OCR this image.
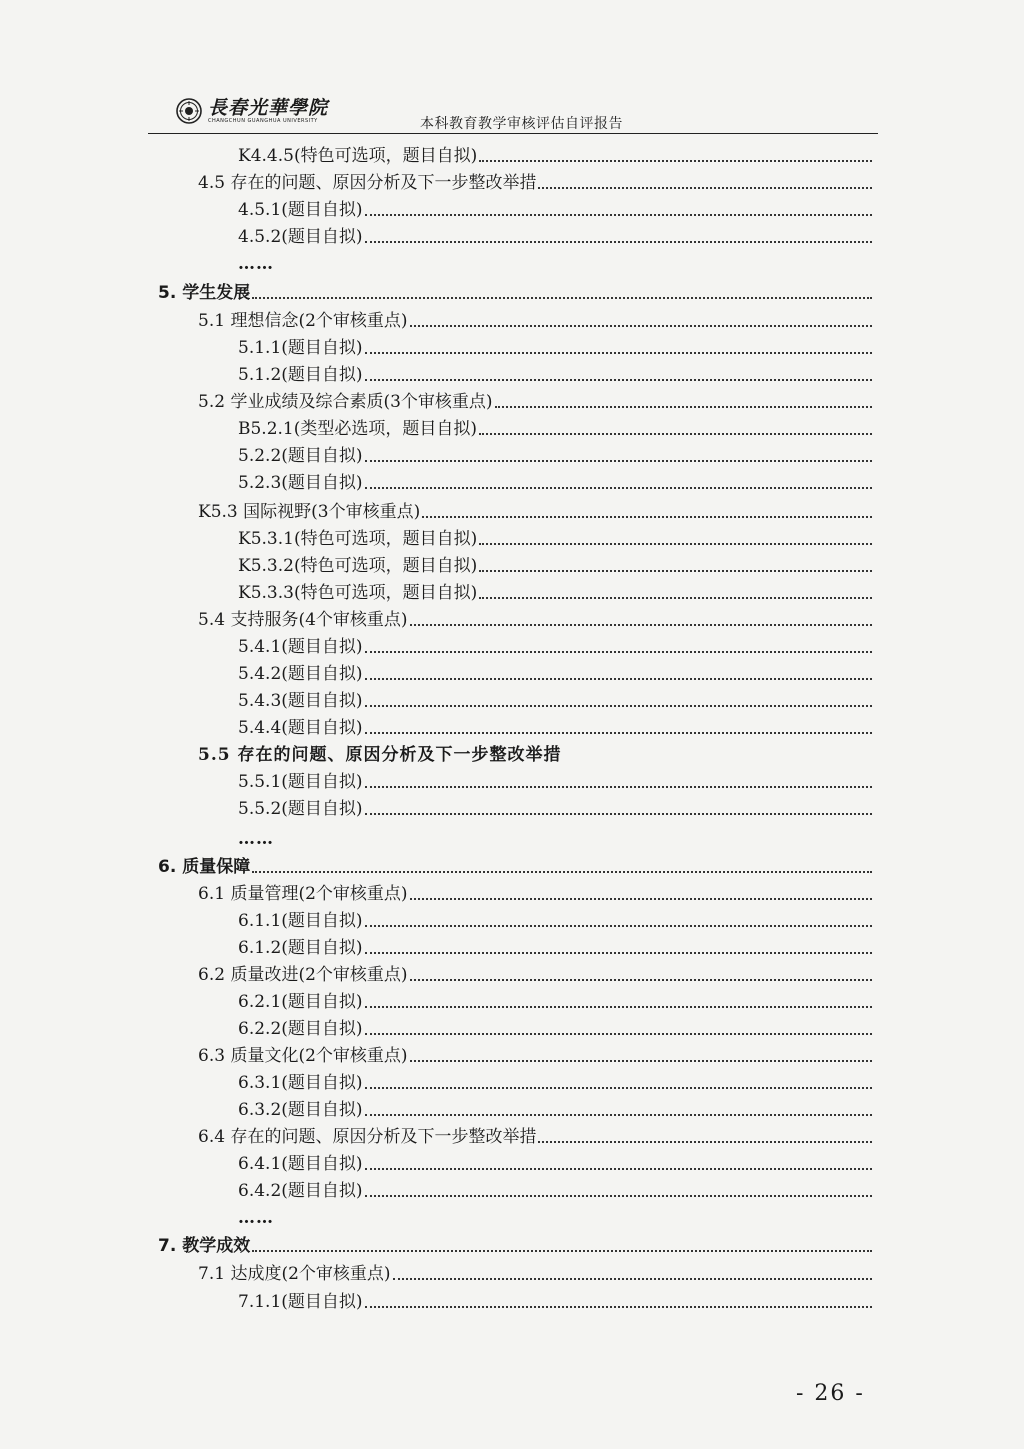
長春光華學院
CHANGCHUN GUANGHUA UNIVERSITY	本科教育教学审核评估自评报告
K4.4.5(特色可选项，题目自拟)
4.5 存在的问题、原因分析及下一步整改举措
4.5.1(题目自拟)
4.5.2(题目自拟)
……
5. 学生发展
5.1 理想信念(2个审核重点)
5.1.1(题目自拟)
5.1.2(题目自拟)
5.2 学业成绩及综合素质(3个审核重点)
B5.2.1(类型必选项，题目自拟)
5.2.2(题目自拟)
5.2.3(题目自拟)
K5.3 国际视野(3个审核重点)
K5.3.1(特色可选项，题目自拟)
K5.3.2(特色可选项，题目自拟)
K5.3.3(特色可选项，题目自拟)
5.4 支持服务(4个审核重点)
5.4.1(题目自拟)
5.4.2(题目自拟)
5.4.3(题目自拟)
5.4.4(题目自拟)
5.5 存在的问题、原因分析及下一步整改举措
5.5.1(题目自拟)
5.5.2(题目自拟)
……
6. 质量保障
6.1 质量管理(2个审核重点)
6.1.1(题目自拟)
6.1.2(题目自拟)
6.2 质量改进(2个审核重点)
6.2.1(题目自拟)
6.2.2(题目自拟)
6.3 质量文化(2个审核重点)
6.3.1(题目自拟)
6.3.2(题目自拟)
6.4 存在的问题、原因分析及下一步整改举措
6.4.1(题目自拟)
6.4.2(题目自拟)
……
7. 教学成效
7.1 达成度(2个审核重点)
7.1.1(题目自拟)
- 26 -
